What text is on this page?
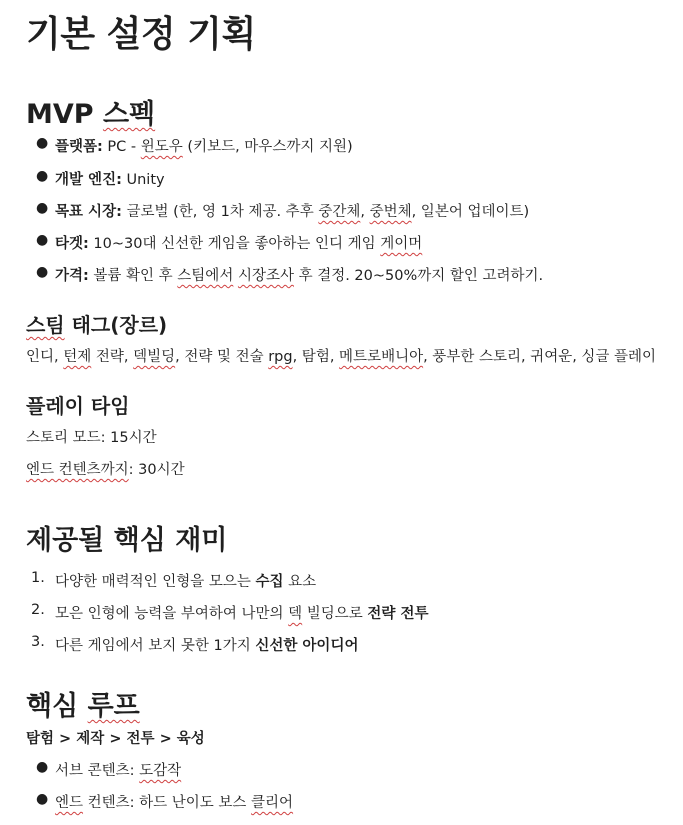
기본 설정 기획
MVP 스펙
● 플랫폼: PC - 윈도우 (키보드, 마우스까지 지원)
● 개발 엔진: Unity
● 목표 시장: 글로벌 (한, 영 1차 제공. 추후 중간체, 중번체, 일본어 업데이트)
● 타겟: 10~30대 신선한 게임을 좋아하는 인디 게임 게이머
● 가격: 볼륨 확인 후 스팀에서 시장조사 후 결정. 20~50%까지 할인 고려하기.
스팀 태그(장르)
인디, 턴제 전략, 덱빌딩, 전략 및 전술 rpg, 탐험, 메트로배니아, 풍부한 스토리, 귀여운, 싱글 플레이
플레이 타임
스토리 모드: 15시간
엔드 컨텐츠까지: 30시간
제공될 핵심 재미
1. 다양한 매력적인 인형을 모으는 수집 요소
2. 모은 인형에 능력을 부여하여 나만의 덱 빌딩으로 전략 전투
3. 다른 게임에서 보지 못한 1가지 신선한 아이디어
핵심 루프
탐험 > 제작 > 전투 > 육성
● 서브 콘텐츠: 도감작
● 엔드 컨텐츠: 하드 난이도 보스 클리어
